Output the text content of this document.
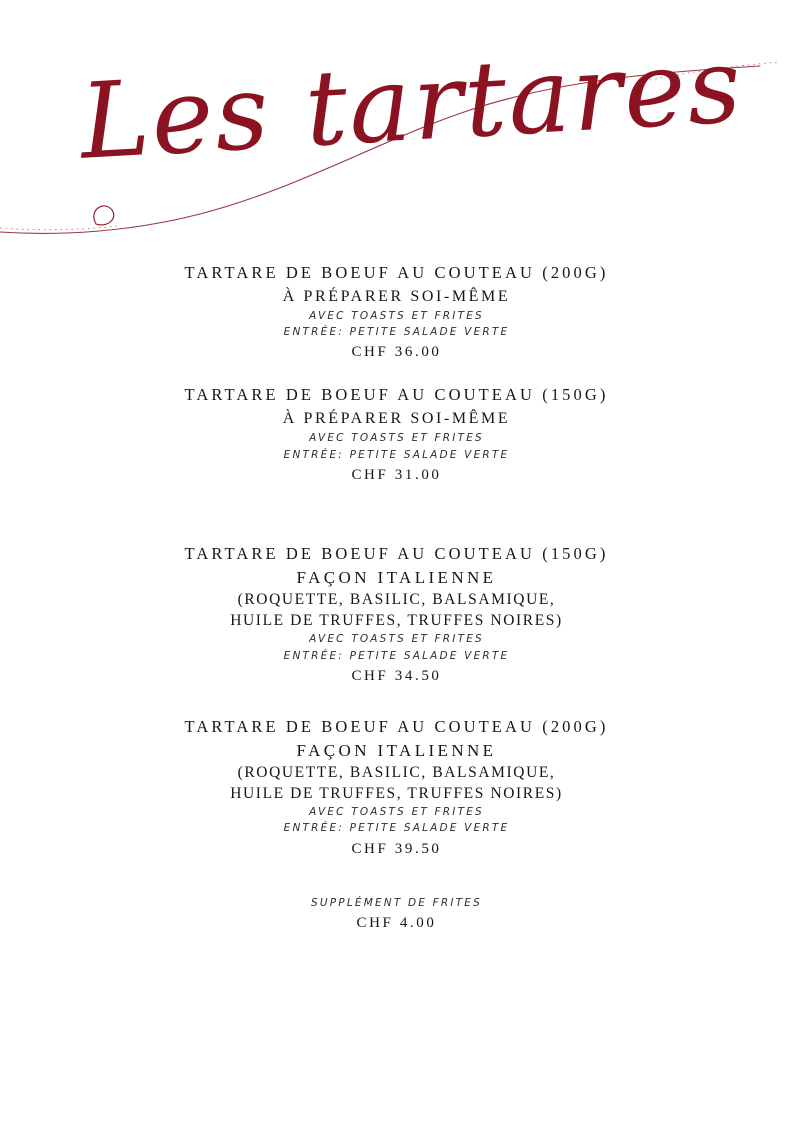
Les tartares
TARTARE DE BOEUF AU COUTEAU (200G)
À PRÉPARER SOI-MÊME
AVEC TOASTS ET FRITES
ENTRÉE: PETITE SALADE VERTE
CHF 36.00
TARTARE DE BOEUF AU COUTEAU (150G)
À PRÉPARER SOI-MÊME
AVEC TOASTS ET FRITES
ENTRÉE: PETITE SALADE VERTE
CHF 31.00
TARTARE DE BOEUF AU COUTEAU (150G)
FAÇON ITALIENNE
(ROQUETTE, BASILIC, BALSAMIQUE,
HUILE DE TRUFFES, TRUFFES NOIRES)
AVEC TOASTS ET FRITES
ENTRÉE: PETITE SALADE VERTE
CHF 34.50
TARTARE DE BOEUF AU COUTEAU (200G)
FAÇON ITALIENNE
(ROQUETTE, BASILIC, BALSAMIQUE,
HUILE DE TRUFFES, TRUFFES NOIRES)
AVEC TOASTS ET FRITES
ENTRÉE: PETITE SALADE VERTE
CHF 39.50
SUPPLÉMENT DE FRITES
CHF 4.00
